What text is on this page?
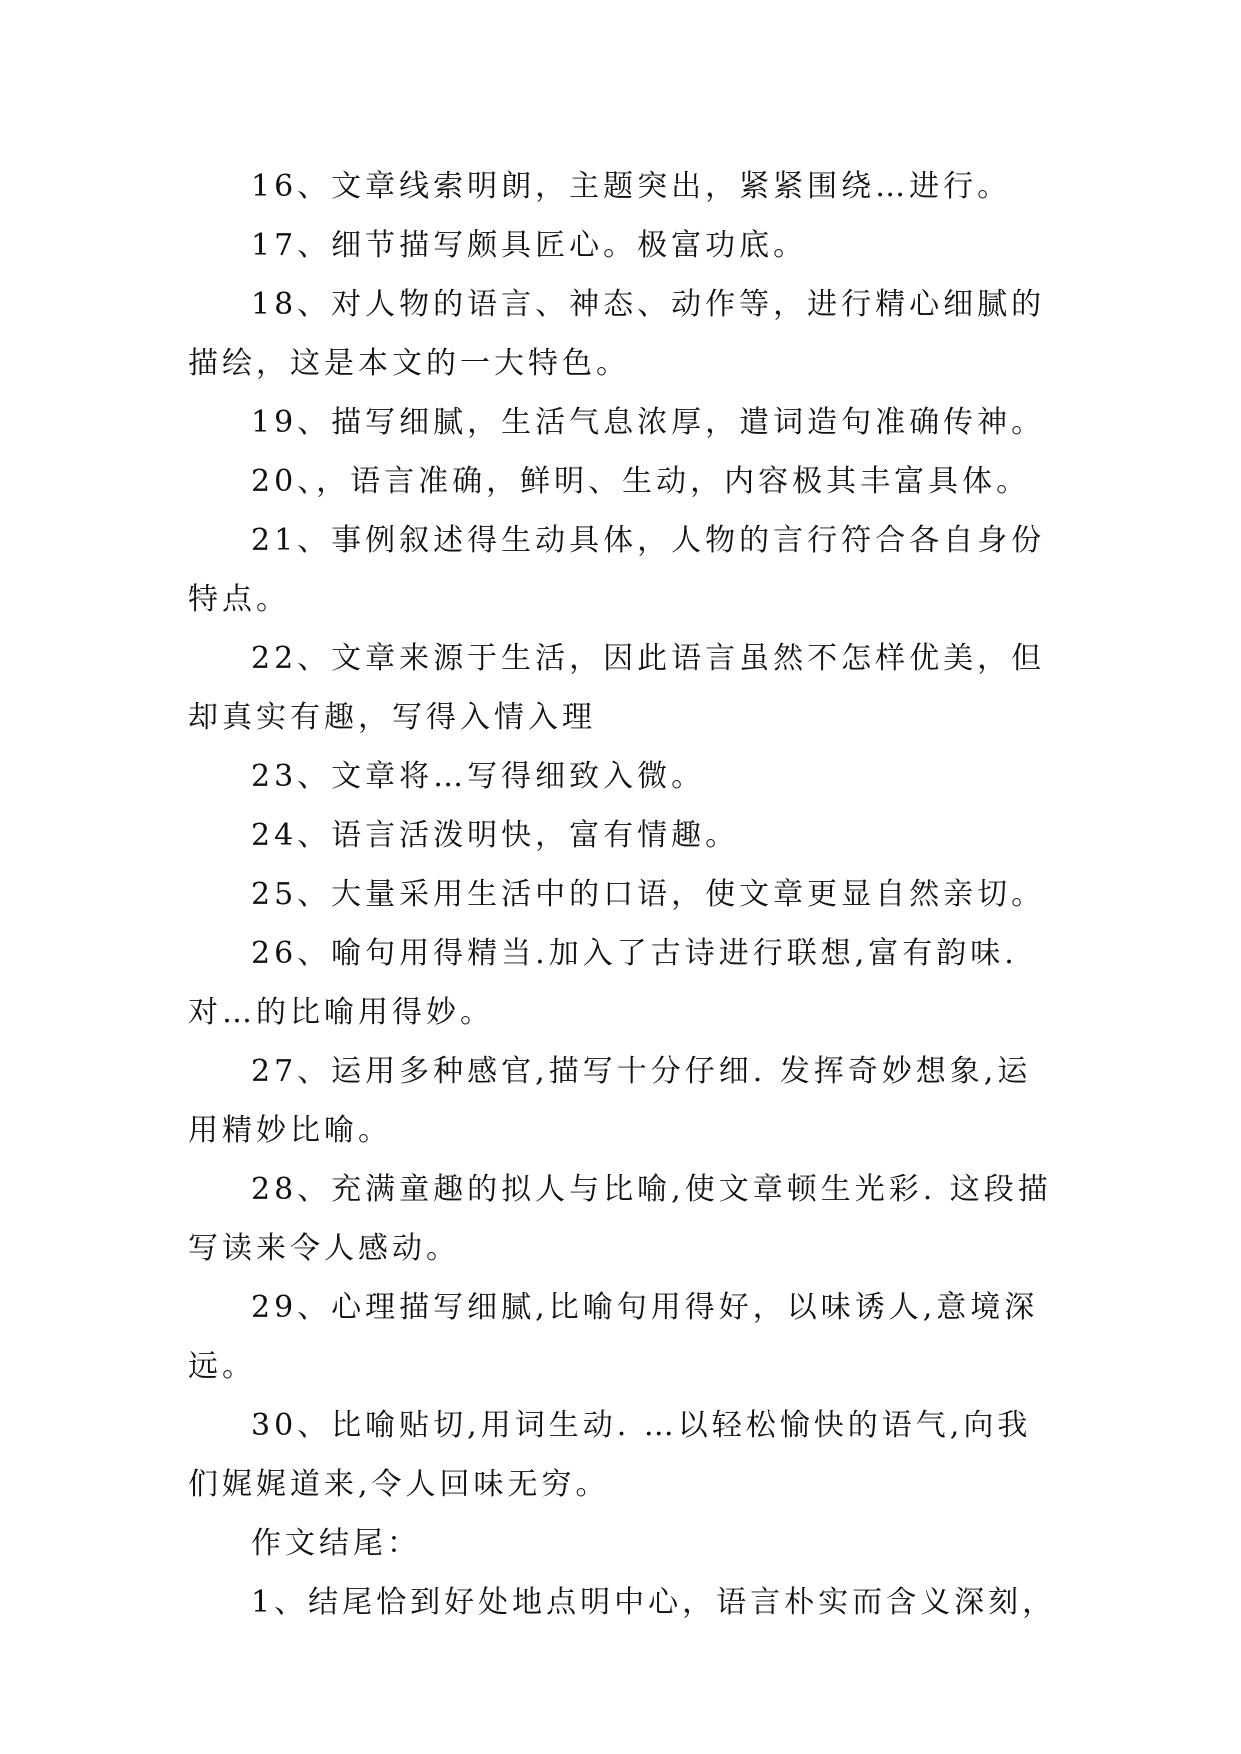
16、文章线索明朗，主题突出，紧紧围绕…进行。

17、细节描写颇具匠心。极富功底。

18、对人物的语言、神态、动作等，进行精心细腻的描绘，这是本文的一大特色。

19、描写细腻，生活气息浓厚，遣词造句准确传神。

20、，语言准确，鲜明、生动，内容极其丰富具体。

21、事例叙述得生动具体，人物的言行符合各自身份特点。

22、文章来源于生活，因此语言虽然不怎样优美，但却真实有趣，写得入情入理

23、文章将…写得细致入微。

24、语言活泼明快，富有情趣。

25、大量采用生活中的口语，使文章更显自然亲切。

26、喻句用得精当.加入了古诗进行联想,富有韵味.对…的比喻用得妙。

27、运用多种感官,描写十分仔细. 发挥奇妙想象,运用精妙比喻。

28、充满童趣的拟人与比喻,使文章顿生光彩. 这段描写读来令人感动。

29、心理描写细腻,比喻句用得好，以味诱人,意境深远。

30、比喻贴切,用词生动. …以轻松愉快的语气,向我们娓娓道来,令人回味无穷。

作文结尾：

1、结尾恰到好处地点明中心，语言朴实而含义深刻，
